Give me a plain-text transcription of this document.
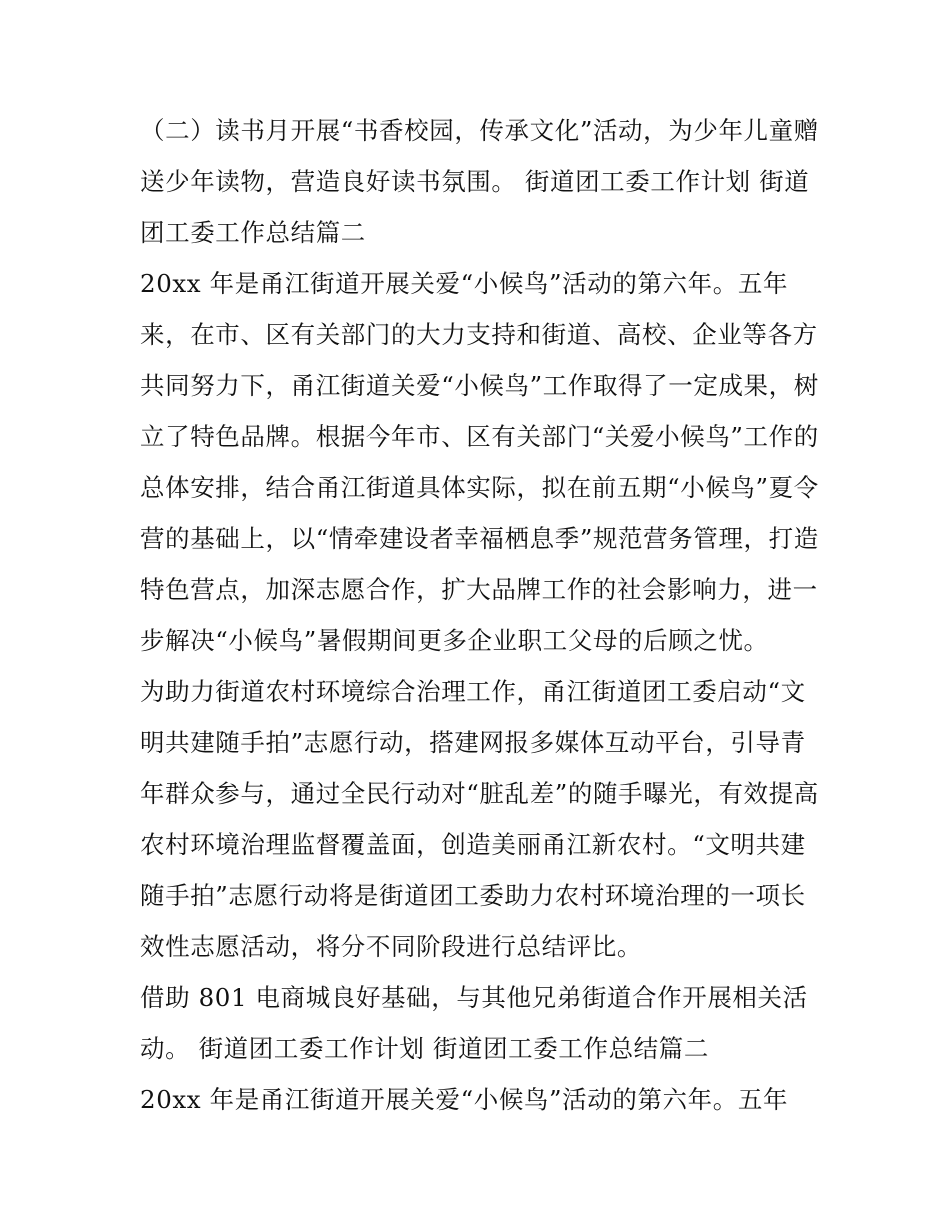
（二）读书月开展“书香校园，传承文化”活动，为少年儿童赠
送少年读物，营造良好读书氛围。 街道团工委工作计划 街道
团工委工作总结篇二
20xx 年是甬江街道开展关爱“小候鸟”活动的第六年。五年
来，在市、区有关部门的大力支持和街道、高校、企业等各方
共同努力下，甬江街道关爱“小候鸟”工作取得了一定成果，树
立了特色品牌。根据今年市、区有关部门“关爱小候鸟”工作的
总体安排，结合甬江街道具体实际，拟在前五期“小候鸟”夏令
营的基础上，以“情牵建设者幸福栖息季”规范营务管理，打造
特色营点，加深志愿合作，扩大品牌工作的社会影响力，进一
步解决“小候鸟”暑假期间更多企业职工父母的后顾之忧。
为助力街道农村环境综合治理工作，甬江街道团工委启动“文
明共建随手拍”志愿行动，搭建网报多媒体互动平台，引导青
年群众参与，通过全民行动对“脏乱差”的随手曝光，有效提高
农村环境治理监督覆盖面，创造美丽甬江新农村。“文明共建
随手拍”志愿行动将是街道团工委助力农村环境治理的一项长
效性志愿活动，将分不同阶段进行总结评比。
借助 801 电商城良好基础，与其他兄弟街道合作开展相关活
动。 街道团工委工作计划 街道团工委工作总结篇二
20xx 年是甬江街道开展关爱“小候鸟”活动的第六年。五年
